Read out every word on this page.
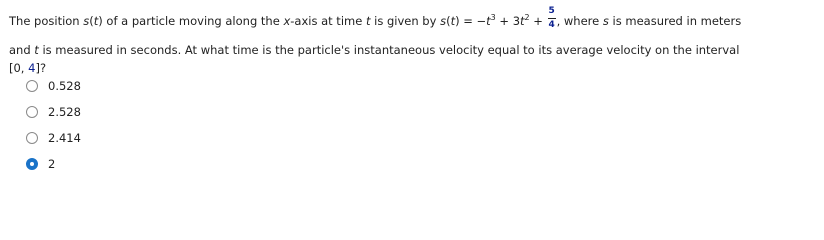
The position s(t) of a particle moving along the x-axis at time t is given by $s(t) = -t^3 + 3t^2 + \frac{5}{4}$ , where s is measured in meters
and t is measured in seconds. At what time is the particle's instantaneous velocity equal to its average velocity on the interval
[0, 4]?
0.528
2.528
2.414
2
